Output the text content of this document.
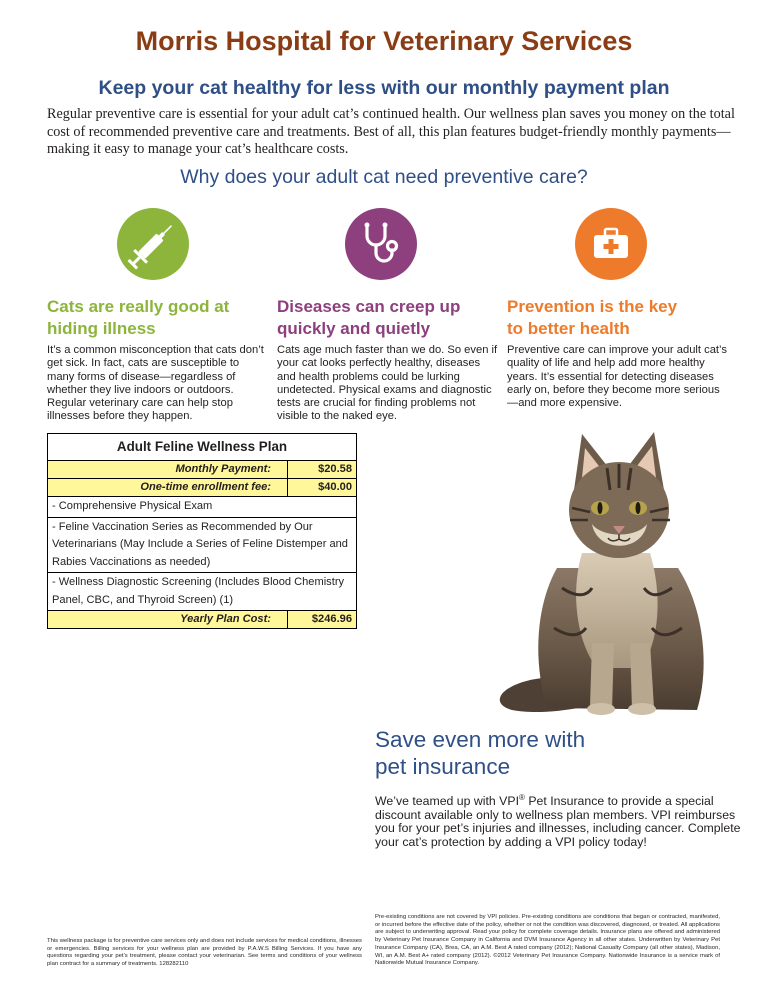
Morris Hospital for Veterinary Services
Keep your cat healthy for less with our monthly payment plan

Regular preventive care is essential for your adult cat’s continued health. Our wellness plan saves you money on the total cost of recommended preventive care and treatments. Best of all, this plan features budget-friendly monthly payments—making it easy to manage your cat’s healthcare costs.

Why does your adult cat need preventive care?
Cats are really good at
hiding illness
It’s a common misconception that cats don’t get sick. In fact, cats are susceptible to many forms of disease—regardless of whether they live indoors or outdoors. Regular veterinary care can help stop illnesses before they happen.
Diseases can creep up
quickly and quietly
Cats age much faster than we do. So even if your cat looks perfectly healthy, diseases and health problems could be lurking undetected. Physical exams and diagnostic tests are crucial for finding problems not visible to the naked eye.
Prevention is the key
to better health
Preventive care can improve your adult cat’s quality of life and help add more healthy years. It’s essential for detecting diseases early on, before they become more serious—and more expensive.
Adult Feline Wellness Plan	
Monthly Payment:	$20.58
One-time enrollment fee:	$40.00
- Comprehensive Physical Exam	
- Feline Vaccination Series as Recommended by Our Veterinarians (May Include a Series of Feline Distemper and Rabies Vaccinations as needed)	
- Wellness Diagnostic Screening (Includes Blood Chemistry Panel, CBC, and Thyroid Screen) (1)	
Yearly Plan Cost:	$246.96
Save even more with
pet insurance
We’ve teamed up with VPI® Pet Insurance to provide a special discount available only to wellness plan members. VPI reimburses you for your pet’s injuries and illnesses, including cancer. Complete your cat’s protection by adding a VPI policy today!
This wellness package is for preventive care services only and does not include services for medical conditions, illnesses or emergencies. Billing services for your wellness plan are provided by P.A.W.S Billing Services. If you have any questions regarding your pet’s treatment, please contact your veterinarian. See terms and conditions of your wellness plan contract for a summary of treatments. 128282110
Pre-existing conditions are not covered by VPI policies. Pre-existing conditions are conditions that began or contracted, manifested, or incurred before the effective date of the policy, whether or not the condition was discovered, diagnosed, or treated. All applications are subject to underwriting approval. Read your policy for complete coverage details. Insurance plans are offered and administered by Veterinary Pet Insurance Company in California and DVM Insurance Agency in all other states. Underwritten by Veterinary Pet Insurance Company (CA), Brea, CA, an A.M. Best A rated company (2012); National Casualty Company (all other states), Madison, WI, an A.M. Best A+ rated company (2012). ©2012 Veterinary Pet Insurance Company. Nationwide Insurance is a service mark of Nationwide Mutual Insurance Company.
